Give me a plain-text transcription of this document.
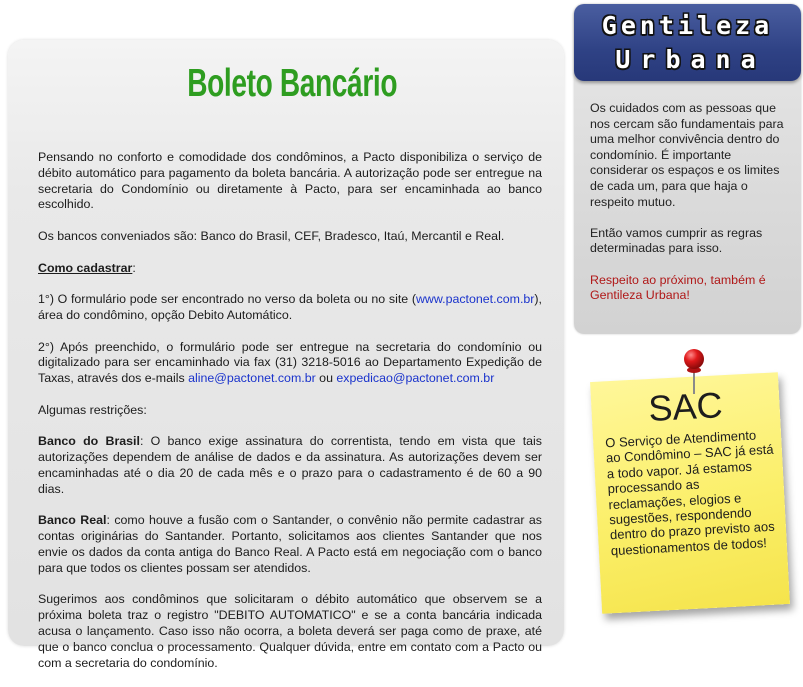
Boleto Bancário

Pensando no conforto e comodidade dos condôminos, a Pacto disponibiliza o serviço de débito automático para pagamento da boleta bancária. A autorização pode ser entregue na secretaria do Condomínio ou diretamente à Pacto, para ser encaminhada ao banco escolhido.

Os bancos conveniados são: Banco do Brasil, CEF, Bradesco, Itaú, Mercantil e Real.

Como cadastrar:

1°) O formulário pode ser encontrado no verso da boleta ou no site (www.pactonet.com.br), área do condômino, opção Debito Automático.

2°) Após preenchido, o formulário pode ser entregue na secretaria do condomínio ou digitalizado para ser encaminhado via fax (31) 3218-5016 ao Departamento Expedição de Taxas, através dos e-mails aline@pactonet.com.br ou expedicao@pactonet.com.br

Algumas restrições:

Banco do Brasil: O banco exige assinatura do correntista, tendo em vista que tais autorizações dependem de análise de dados e da assinatura. As autorizações devem ser encaminhadas até o dia 20 de cada mês e o prazo para o cadastramento é de 60 a 90 dias.

Banco Real: como houve a fusão com o Santander, o convênio não permite cadastrar as contas originárias do Santander. Portanto, solicitamos aos clientes Santander que nos envie os dados da conta antiga do Banco Real. A Pacto está em negociação com o banco para que todos os clientes possam ser atendidos.

Sugerimos aos condôminos que solicitaram o débito automático que observem se a próxima boleta traz o registro "DEBITO AUTOMATICO" e se a conta bancária indicada acusa o lançamento. Caso isso não ocorra, a boleta deverá ser paga como de praxe, até que o banco conclua o processamento. Qualquer dúvida, entre em contato com a Pacto ou com a secretaria do condomínio.

Gentileza
Urbana

Os cuidados com as pessoas que nos cercam são fundamentais para uma melhor convivência dentro do condomínio. É importante considerar os espaços e os limites de cada um, para que haja o respeito mutuo.

Então vamos cumprir as regras determinadas para isso.

Respeito ao próximo, também é Gentileza Urbana!

SAC
O Serviço de Atendimento ao Condômino – SAC já está a todo vapor. Já estamos processando as reclamações, elogios e sugestões, respondendo dentro do prazo previsto aos questionamentos de todos!
